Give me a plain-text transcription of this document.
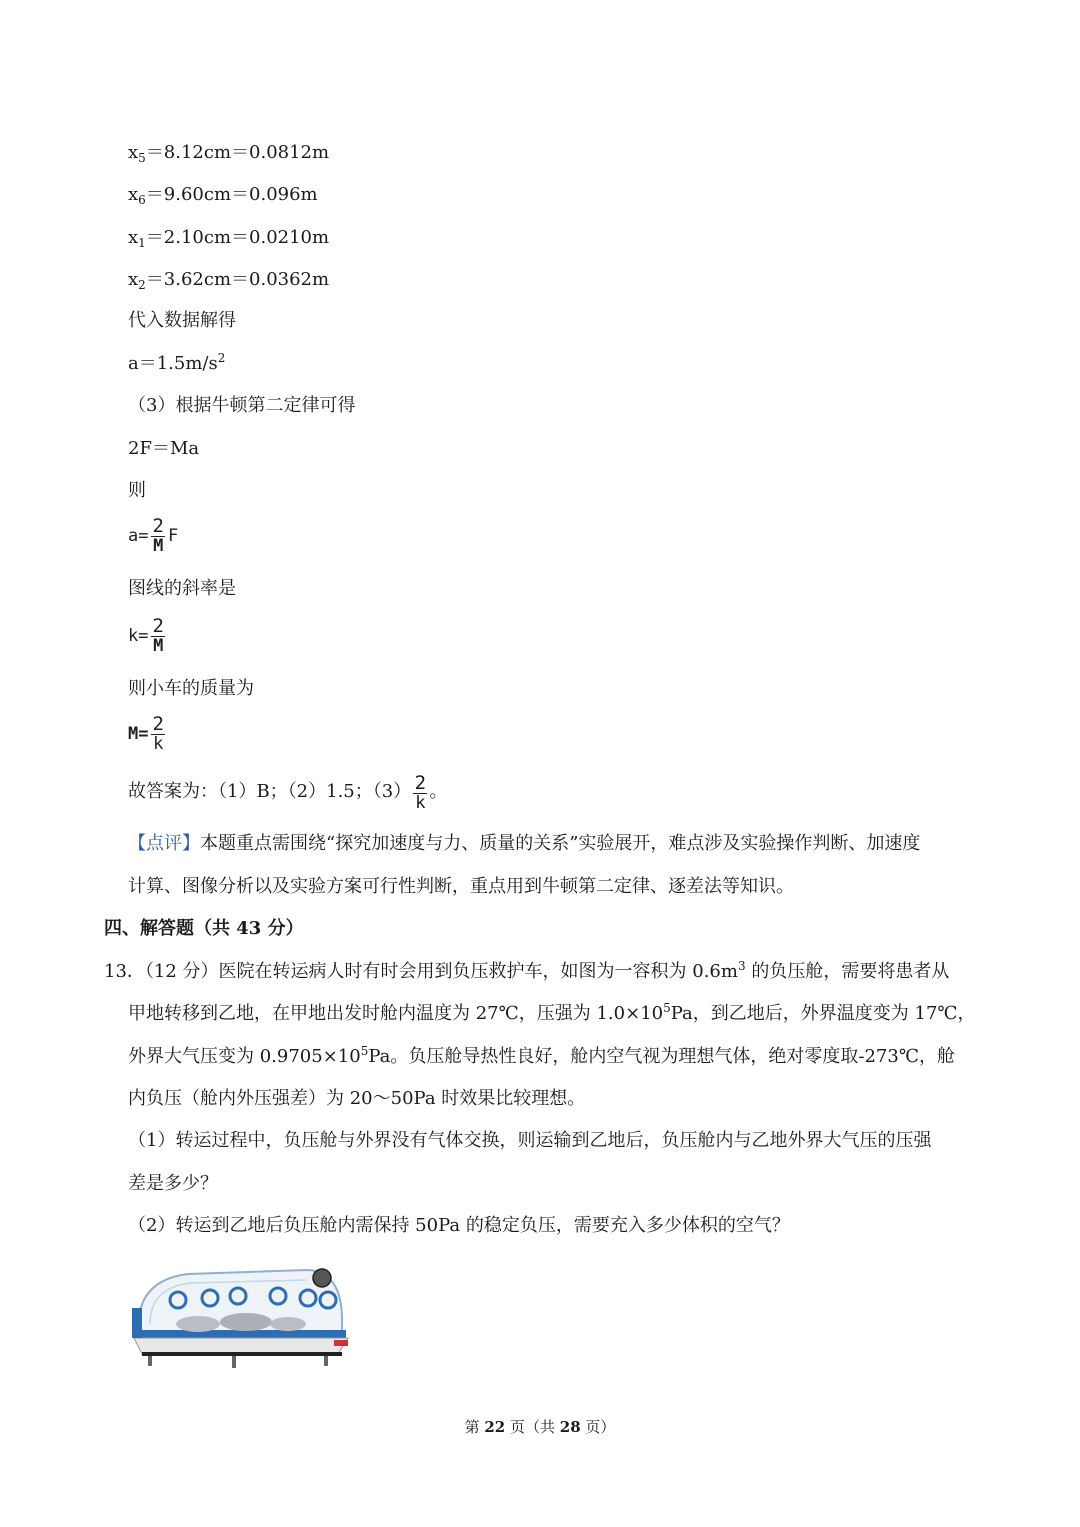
$x_5=8.12cm=0.0812m$
$x_6=9.60cm=0.096m$
$x_1=2.10cm=0.0210m$
$x_2=3.62cm=0.0362m$
代入数据解得
$a=1.5m/s^2$
（3）根据牛顿第二定律可得
2F＝Ma
则
$a= \frac{2}{M}$ F
图线的斜率是
$k= \frac{2}{M}$
则小车的质量为
$M= \frac{2}{k}$
故答案为：（1）B；（2）1.5；$(3) \frac{2}{k}$ 。
【点评】本题重点需围绕“探究加速度与力、质量的关系”实验展开，难点涉及实验操作判断、加速度
计算、图像分析以及实验方案可行性判断，重点用到牛顿第二定律、逐差法等知识。
四、解答题（共 43 分）
13．（12 分）医院在转运病人时有时会用到负压救护车，如图为一容积为 $0.6m^3$ 的负压舱，需要将患者从
甲地转移到乙地，在甲地出发时舱内温度为 27℃，压强为 $1.0\times 10^5Pa$，到乙地后，外界温度变为 17℃，
外界大气压变为 $0.9705\times 10^5Pa$。负压舱导热性良好，舱内空气视为理想气体，绝对零度取-273℃，舱
内负压（舱内外压强差）为 20～50Pa 时效果比较理想。
（1）转运过程中，负压舱与外界没有气体交换，则运输到乙地后，负压舱内与乙地外界大气压的压强
差是多少？
（2）转运到乙地后负压舱内需保持 50Pa 的稳定负压，需要充入多少体积的空气？
第 22 页（共 28 页）
